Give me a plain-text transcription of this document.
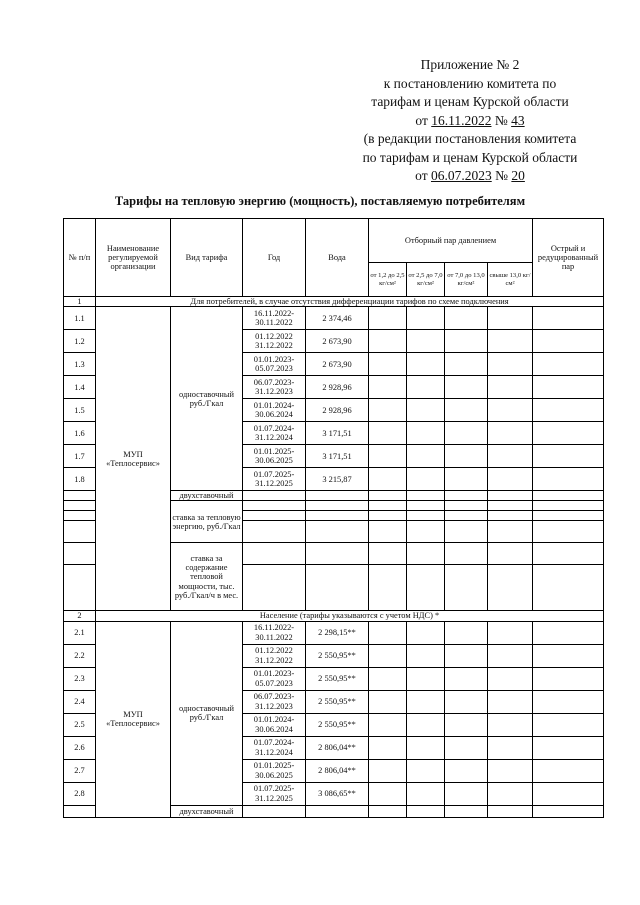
Приложение № 2
к постановлению комитета по
тарифам и ценам Курской области
от 16.11.2022 № 43
(в редакции постановления комитета
по тарифам и ценам Курской области
от 06.07.2023 № 20
Тарифы на тепловую энергию (мощность), поставляемую потребителям
№ п/п	Наименование регулируемой организации	Вид тарифа	Год	Вода	Отборный пар давлением				Острый и редуцированный пар
					от 1,2 до 2,5 кг/см²	от 2,5 до 7,0 кг/см²	от 7,0 до 13,0 кг/см²	свыше 13,0 кг/см²	
1	Для потребителей, в случае отсутствия дифференциации тарифов по схеме подключения								
1.1	МУП «Теплосервис»	одноставочный руб./Гкал	16.11.2022-30.11.2022	2 374,46					
1.2			01.12.2022 31.12.2022	2 673,90					
1.3			01.01.2023-05.07.2023	2 673,90					
1.4			06.07.2023-31.12.2023	2 928,96					
1.5			01.01.2024-30.06.2024	2 928,96					
1.6			01.07.2024-31.12.2024	3 171,51					
1.7			01.01.2025-30.06.2025	3 171,51					
1.8			01.07.2025-31.12.2025	3 215,87					
		двухставочный							
		ставка за тепловую энергию, руб./Гкал							

		ставка за содержание тепловой мощности, тыс. руб./Гкал/ч в мес.							

2	Население (тарифы указываются с учетом НДС) *								
2.1	МУП «Теплосервис»	одноставочный руб./Гкал	16.11.2022-30.11.2022	2 298,15**					
2.2			01.12.2022 31.12.2022	2 550,95**					
2.3			01.01.2023-05.07.2023	2 550,95**					
2.4			06.07.2023-31.12.2023	2 550,95**					
2.5			01.01.2024-30.06.2024	2 550,95**					
2.6			01.07.2024-31.12.2024	2 806,04**					
2.7			01.01.2025-30.06.2025	2 806,04**					
2.8			01.07.2025-31.12.2025	3 086,65**					
		двухставочный							
